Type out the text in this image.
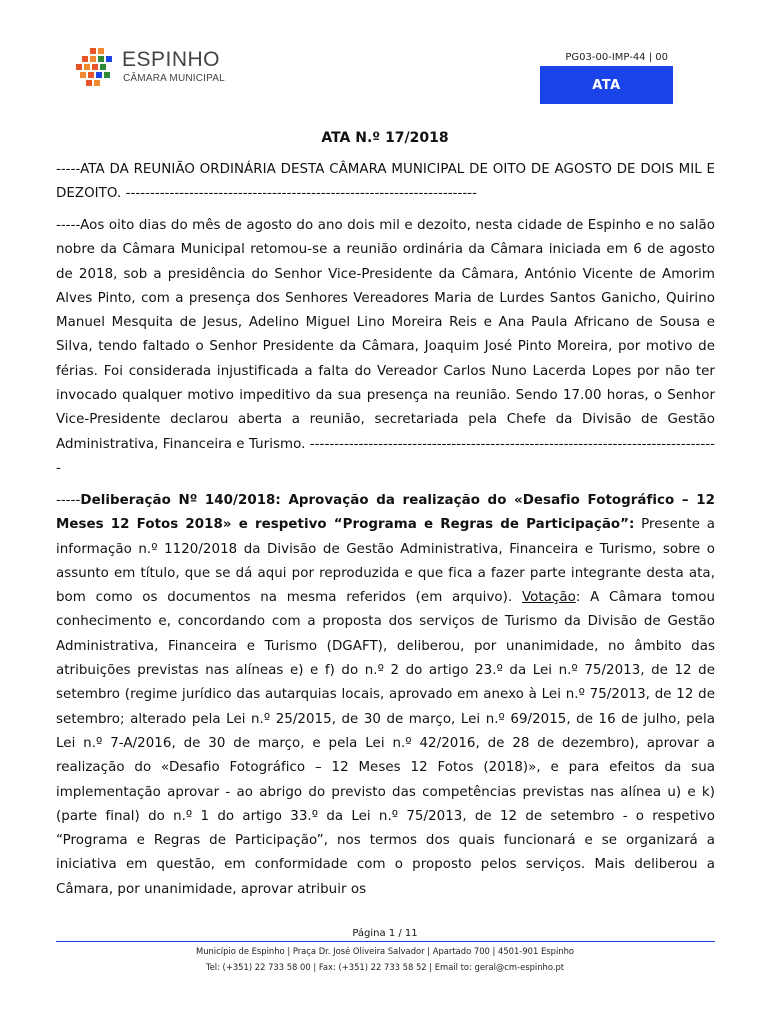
ESPINHO
CÂMARA MUNICIPAL
PG03-00-IMP-44 | 00
ATA
ATA N.º 17/2018
-----ATA DA REUNIÃO ORDINÁRIA DESTA CÂMARA MUNICIPAL DE OITO DE AGOSTO DE DOIS MIL E DEZOITO. ------------------------------------------------------------------------
-----Aos oito dias do mês de agosto do ano dois mil e dezoito, nesta cidade de Espinho e no salão nobre da Câmara Municipal retomou-se a reunião ordinária da Câmara iniciada em 6 de agosto de 2018, sob a presidência do Senhor Vice-Presidente da Câmara, António Vicente de Amorim Alves Pinto, com a presença dos Senhores Vereadores Maria de Lurdes Santos Ganicho, Quirino Manuel Mesquita de Jesus, Adelino Miguel Lino Moreira Reis e Ana Paula Africano de Sousa e Silva, tendo faltado o Senhor Presidente da Câmara, Joaquim José Pinto Moreira, por motivo de férias. Foi considerada injustificada a falta do Vereador Carlos Nuno Lacerda Lopes por não ter invocado qualquer motivo impeditivo da sua presença na reunião. Sendo 17.00 horas, o Senhor Vice-Presidente declarou aberta a reunião, secretariada pela Chefe da Divisão de Gestão Administrativa, Financeira e Turismo. ------------------------------------------------------------------------------------
-----Deliberação Nº 140/2018: Aprovação da realização do «Desafio Fotográfico – 12 Meses 12 Fotos 2018» e respetivo “Programa e Regras de Participação”: Presente a informação n.º 1120/2018 da Divisão de Gestão Administrativa, Financeira e Turismo, sobre o assunto em título, que se dá aqui por reproduzida e que fica a fazer parte integrante desta ata, bom como os documentos na mesma referidos (em arquivo). Votação: A Câmara tomou conhecimento e, concordando com a proposta dos serviços de Turismo da Divisão de Gestão Administrativa, Financeira e Turismo (DGAFT), deliberou, por unanimidade, no âmbito das atribuições previstas nas alíneas e) e f) do n.º 2 do artigo 23.º da Lei n.º 75/2013, de 12 de setembro (regime jurídico das autarquias locais, aprovado em anexo à Lei n.º 75/2013, de 12 de setembro; alterado pela Lei n.º 25/2015, de 30 de março, Lei n.º 69/2015, de 16 de julho, pela Lei n.º 7-A/2016, de 30 de março, e pela Lei n.º 42/2016, de 28 de dezembro), aprovar a realização do «Desafio Fotográfico – 12 Meses 12 Fotos (2018)», e para efeitos da sua implementação aprovar - ao abrigo do previsto das competências previstas nas alínea u) e k) (parte final) do n.º 1 do artigo 33.º da Lei n.º 75/2013, de 12 de setembro - o respetivo “Programa e Regras de Participação”, nos termos dos quais funcionará e se organizará a iniciativa em questão, em conformidade com o proposto pelos serviços. Mais deliberou a Câmara, por unanimidade, aprovar atribuir os
Página 1 / 11
Município de Espinho | Praça Dr. José Oliveira Salvador | Apartado 700 | 4501-901 Espinho
Tel: (+351) 22 733 58 00 | Fax: (+351) 22 733 58 52 | Email to: geral@cm-espinho.pt
